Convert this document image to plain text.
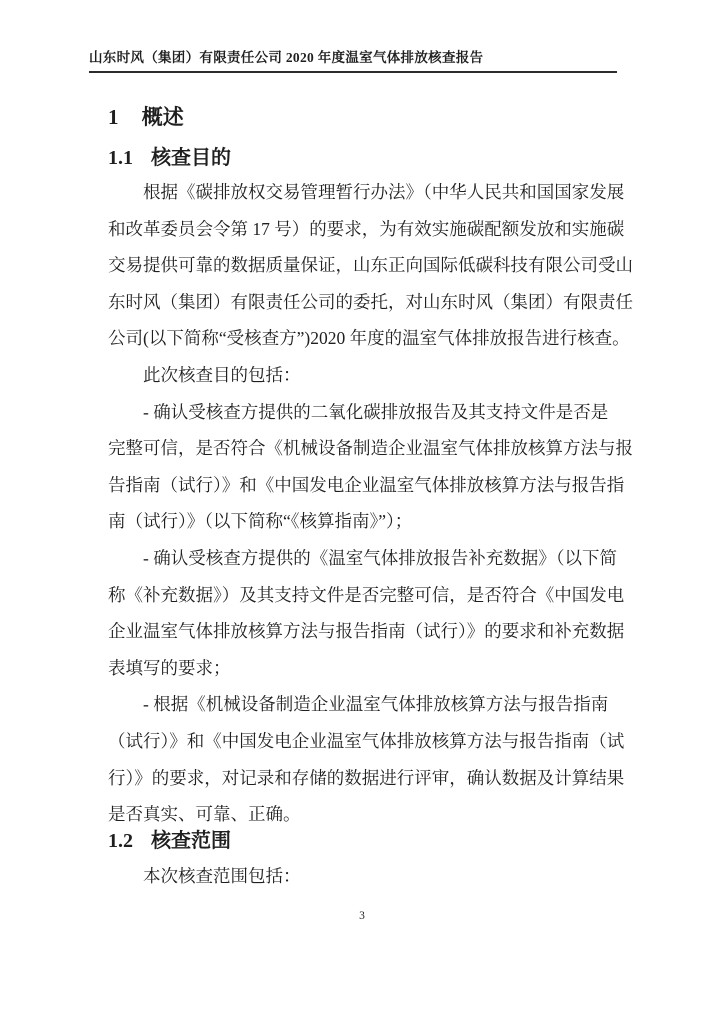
山东时风（集团）有限责任公司 2020 年度温室气体排放核查报告
1 概述
1.1 核查目的
根据《碳排放权交易管理暂行办法》（中华人民共和国国家发展
和改革委员会令第 17 号）的要求，为有效实施碳配额发放和实施碳
交易提供可靠的数据质量保证，山东正向国际低碳科技有限公司受山
东时风（集团）有限责任公司的委托，对山东时风（集团）有限责任
公司(以下简称“受核查方”)2020 年度的温室气体排放报告进行核查。
此次核查目的包括：
- 确认受核查方提供的二氧化碳排放报告及其支持文件是否是
完整可信，是否符合《机械设备制造企业温室气体排放核算方法与报
告指南（试行）》和《中国发电企业温室气体排放核算方法与报告指
南（试行）》（以下简称“《核算指南》”）；
- 确认受核查方提供的《温室气体排放报告补充数据》（以下简
称《补充数据》）及其支持文件是否完整可信，是否符合《中国发电
企业温室气体排放核算方法与报告指南（试行）》的要求和补充数据
表填写的要求；
- 根据《机械设备制造企业温室气体排放核算方法与报告指南
（试行）》和《中国发电企业温室气体排放核算方法与报告指南（试
行）》的要求，对记录和存储的数据进行评审，确认数据及计算结果
是否真实、可靠、正确。
1.2 核查范围
本次核查范围包括：
3
